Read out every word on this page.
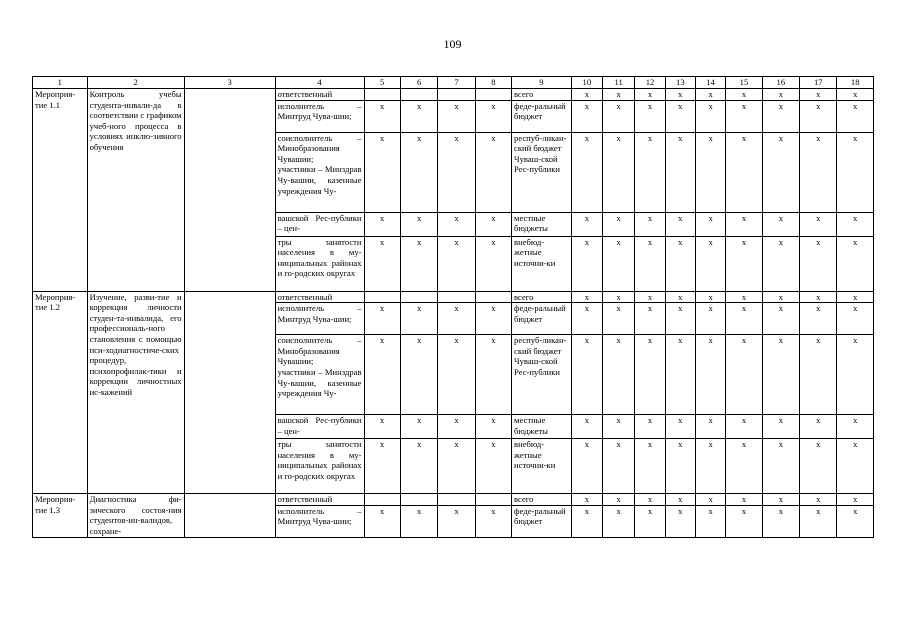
109
1	2	3	4	5	6	7	8	9	10	11	12	13	14	15	16	17	18
Мероприя-
тие 1.1	Контроль учебы студента-инвали-да в соответствии с графиком учеб-ного процесса в условиях инклю-зивного обучения		ответственный					всего	x	x	x	x	x	x	x	x	x
			исполнитель – Минтруд Чува-шии;	x	x	x	x	феде-ральный бюджет	x	x	x	x	x	x	x	x	x
			соисполнитель – Минобразования Чувашии;
участники – Минздрав Чу-вашии, казенные учреждения Чу-	x	x	x	x	респуб-ликан-ский бюджет Чуваш-ской Рес-публики	x	x	x	x	x	x	x	x	x
			вашской Рес-публики – цен-	x	x	x	x	местные бюджеты	x	x	x	x	x	x	x	x	x
			тры занятости населения в му-ниципальных районах и го-родских округах	x	x	x	x	внебюд-жетные источни-ки	x	x	x	x	x	x	x	x	x
Мероприя-
тие 1.2	Изучение, разви-тие и коррекция личности студен-та-инвалида, его профессиональ-ного становления с помощью пси-ходиагностиче-ских процедур, психопрофилак-тики и коррекции личностных ис-кажений		ответственный					всего	x	x	x	x	x	x	x	x	x
			исполнитель – Минтруд Чува-шии;	x	x	x	x	феде-ральный бюджет	x	x	x	x	x	x	x	x	x
			соисполнитель – Минобразования Чувашии;
участники – Минздрав Чу-вашии, казенные учреждения Чу-	x	x	x	x	респуб-ликан-ский бюджет Чуваш-ской Рес-публики	x	x	x	x	x	x	x	x	x
			вашской Рес-публики – цен-	x	x	x	x	местные бюджеты	x	x	x	x	x	x	x	x	x
			тры занятости населения в му-ниципальных районах и го-родских округах	x	x	x	x	внебюд-жетные источни-ки	x	x	x	x	x	x	x	x	x
Мероприя-
тие 1.3	Диагностика фи-зического состоя-ния студентов-ин-валидов, сохране-		ответственный					всего	x	x	x	x	x	x	x	x	x
			исполнитель – Минтруд Чува-шии;	x	x	x	x	феде-ральный бюджет	x	x	x	x	x	x	x	x	x
